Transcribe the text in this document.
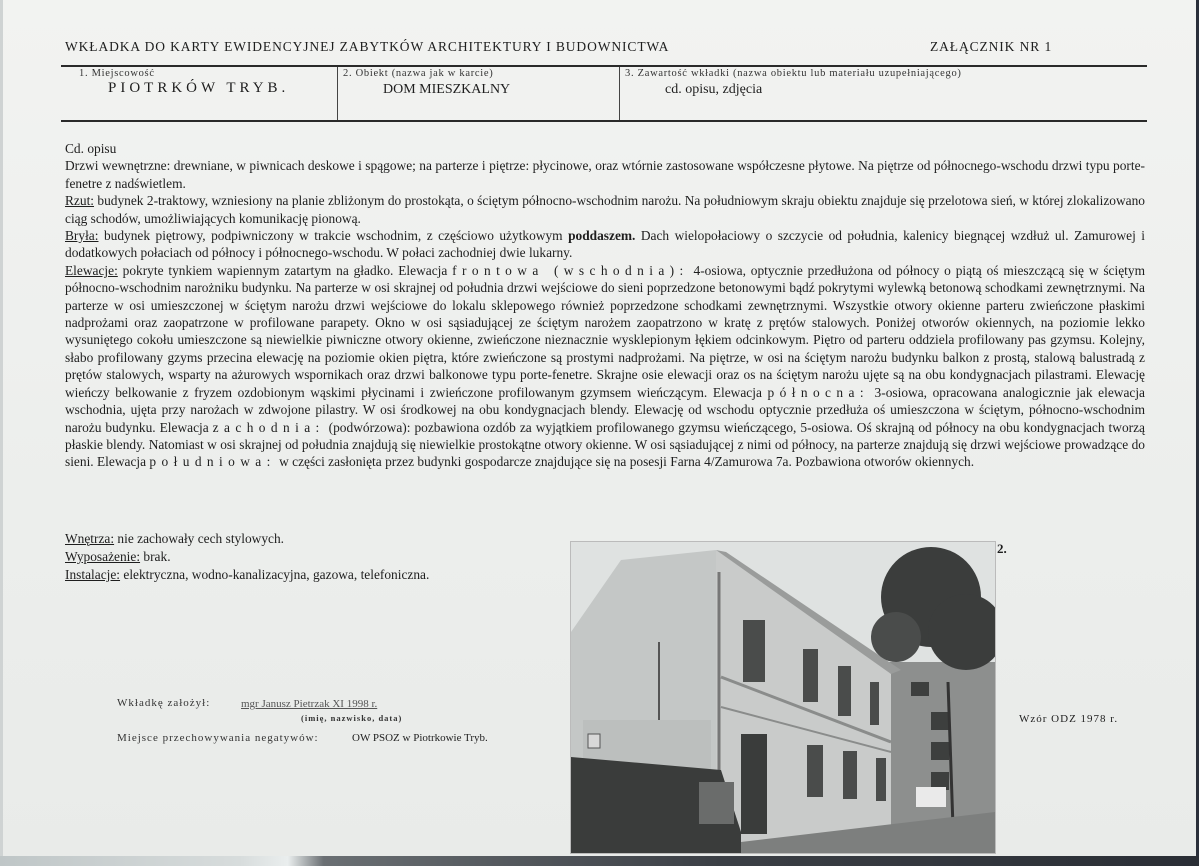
WKŁADKA DO KARTY EWIDENCYJNEJ ZABYTKÓW ARCHITEKTURY I BUDOWNICTWA	ZAŁĄCZNIK NR 1
1. Miejscowość
PIOTRKÓW TRYB.
2. Obiekt (nazwa jak w karcie)
DOM MIESZKALNY
3. Zawartość wkładki (nazwa obiektu lub materiału uzupełniającego)
cd. opisu, zdjęcia

Cd. opisu

Drzwi wewnętrzne: drewniane, w piwnicach deskowe i spągowe; na parterze i piętrze: płycinowe, oraz wtórnie zastosowane współczesne płytowe. Na piętrze od północnego-wschodu drzwi typu porte-fenetre z nadświetlem.

Rzut: budynek 2-traktowy, wzniesiony na planie zbliżonym do prostokąta, o ściętym północno-wschodnim narożu. Na południowym skraju obiektu znajduje się przelotowa sień, w której zlokalizowano ciąg schodów, umożliwiających komunikację pionową.

Bryła: budynek piętrowy, podpiwniczony w trakcie wschodnim, z częściowo użytkowym poddaszem. Dach wielopołaciowy o szczycie od południa, kalenicy biegnącej wzdłuż ul. Zamurowej i dodatkowych połaciach od północy i północnego-wschodu. W połaci zachodniej dwie lukarny.

Elewacje: pokryte tynkiem wapiennym zatartym na gładko. Elewacja frontowa (wschodnia): 4-osiowa, optycznie przedłużona od północy o piątą oś mieszczącą się w ściętym północno-wschodnim narożniku budynku. Na parterze w osi skrajnej od południa drzwi wejściowe do sieni poprzedzone betonowymi bądź pokrytymi wylewką betonową schodkami zewnętrznymi. Na parterze w osi umieszczonej w ściętym narożu drzwi wejściowe do lokalu sklepowego również poprzedzone schodkami zewnętrznymi. Wszystkie otwory okienne parteru zwieńczone płaskimi nadprożami oraz zaopatrzone w profilowane parapety. Okno w osi sąsiadującej ze ściętym narożem zaopatrzono w kratę z prętów stalowych. Poniżej otworów okiennych, na poziomie lekko wysuniętego cokołu umieszczone są niewielkie piwniczne otwory okienne, zwieńczone nieznacznie wysklepionym łękiem odcinkowym. Piętro od parteru oddziela profilowany pas gzymsu. Kolejny, słabo profilowany gzyms przecina elewację na poziomie okien piętra, które zwieńczone są prostymi nadprożami. Na piętrze, w osi na ściętym narożu budynku balkon z prostą, stalową balustradą z prętów stalowych, wsparty na ażurowych wspornikach oraz drzwi balkonowe typu porte-fenetre. Skrajne osie elewacji oraz os na ściętym narożu ujęte są na obu kondygnacjach pilastrami. Elewację wieńczy belkowanie z fryzem ozdobionym wąskimi płycinami i zwieńczone profilowanym gzymsem wieńczącym. Elewacja północna: 3-osiowa, opracowana analogicznie jak elewacja wschodnia, ujęta przy narożach w zdwojone pilastry. W osi środkowej na obu kondygnacjach blendy. Elewację od wschodu optycznie przedłuża oś umieszczona w ściętym, północno-wschodnim narożu budynku. Elewacja zachodnia: (podwórzowa): pozbawiona ozdób za wyjątkiem profilowanego gzymsu wieńczącego, 5-osiowa. Oś skrajną od północy na obu kondygnacjach tworzą płaskie blendy. Natomiast w osi skrajnej od południa znajdują się niewielkie prostokątne otwory okienne. W osi sąsiadującej z nimi od północy, na parterze znajdują się drzwi wejściowe prowadzące do sieni. Elewacja południowa: w części zasłonięta przez budynki gospodarcze znajdujące się na posesji Farna 4/Zamurowa 7a. Pozbawiona otworów okiennych.

Wnętrza: nie zachowały cech stylowych.
Wyposażenie: brak.
Instalacje: elektryczna, wodno-kanalizacyjna, gazowa, telefoniczna.
Wkładkę założył:	mgr Janusz Pietrzak XI 1998 r.
(imię, nazwisko, data)
Miejsce przechowywania negatywów:	OW PSOZ w Piotrkowie Tryb.
2.
Wzór ODZ 1978 r.
